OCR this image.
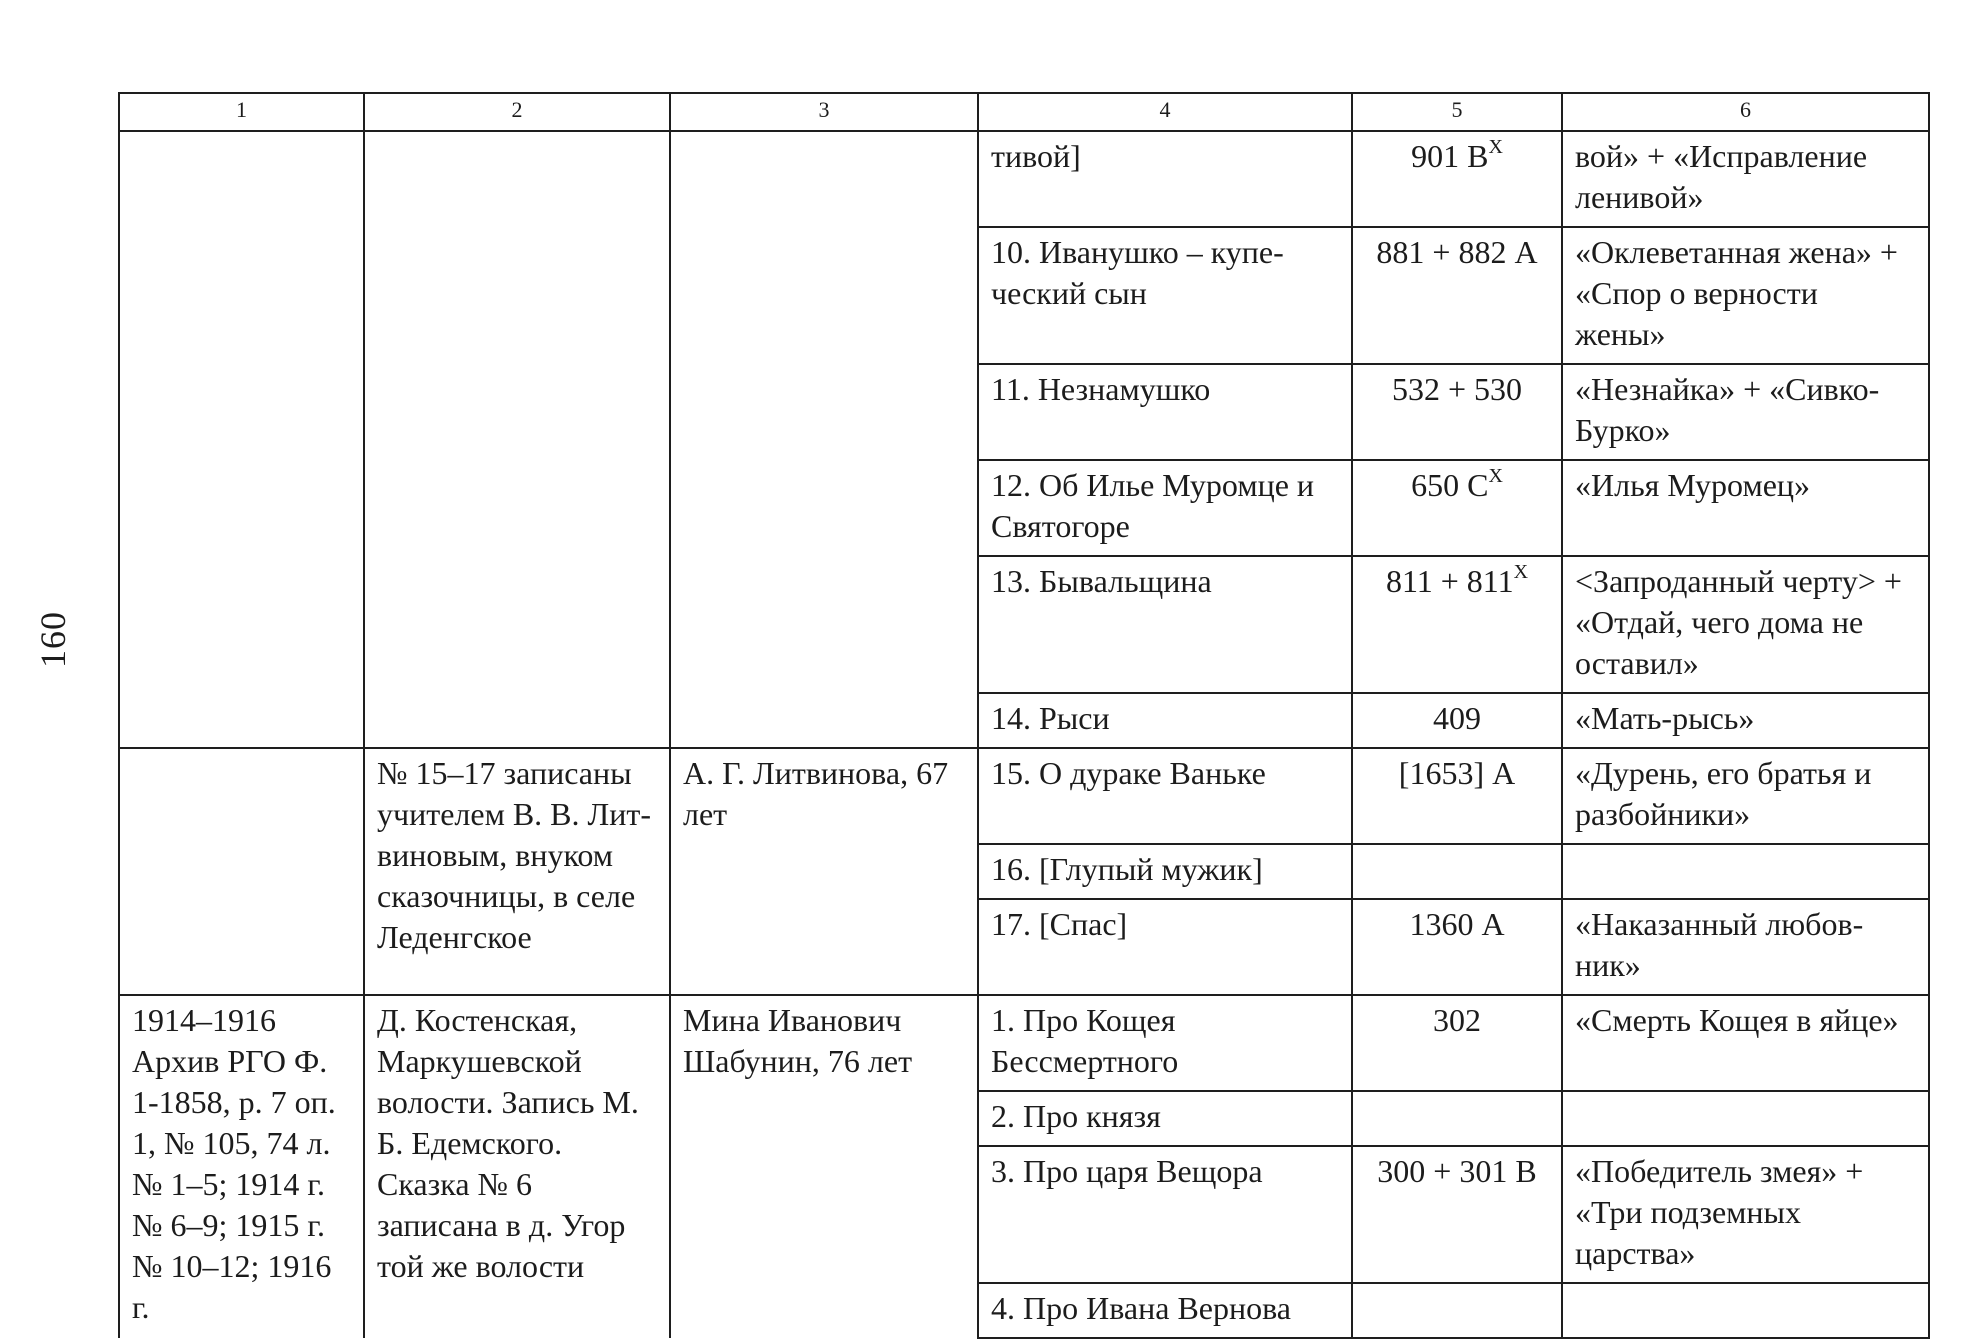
160
1	2	3	4	5	6
			тивой]	901 $В^X$	вой» + «Исправление ленивой»
			10. Иванушко – купе-ческий сын	881 + 882 А	«Оклеветанная жена» + «Спор о верности жены»
			11. Незнамушко	532 + 530	«Незнайка» + «Сивко-Бурко»
			12. Об Илье Муромце и Святогоре	650 $С^X$	«Илья Муромец»
			13. Бывальщина	$811 + 811^X$	<Запроданный черту> + «Отдай, чего дома не оставил»
			14. Рыси	409	«Мать-рысь»
	№ 15–17 записаны учителем В. В. Лит-виновым, внуком сказочницы, в селе Леденгское	А. Г. Литвинова, 67 лет	15. О дураке Ваньке	[1653] А	«Дурень, его братья и разбойники»
			16. [Глупый мужик]		
			17. [Спас]	1360 А	«Наказанный любов-ник»
1914–1916 Архив РГО Ф. 1-1858, р. 7 оп. 1, № 105, 74 л. № 1–5; 1914 г. № 6–9; 1915 г. № 10–12; 1916 г.	Д. Костенская, Маркушевской волости. Запись М. Б. Едемского. Сказка № 6 записана в д. Угор той же волости	Мина Иванович Шабунин, 76 лет	1. Про Кощея Бессмертного	302	«Смерть Кощея в яйце»
			2. Про князя		
			3. Про царя Вещора	300 + 301 В	«Победитель змея» + «Три подземных царства»
			4. Про Ивана Вернова		
